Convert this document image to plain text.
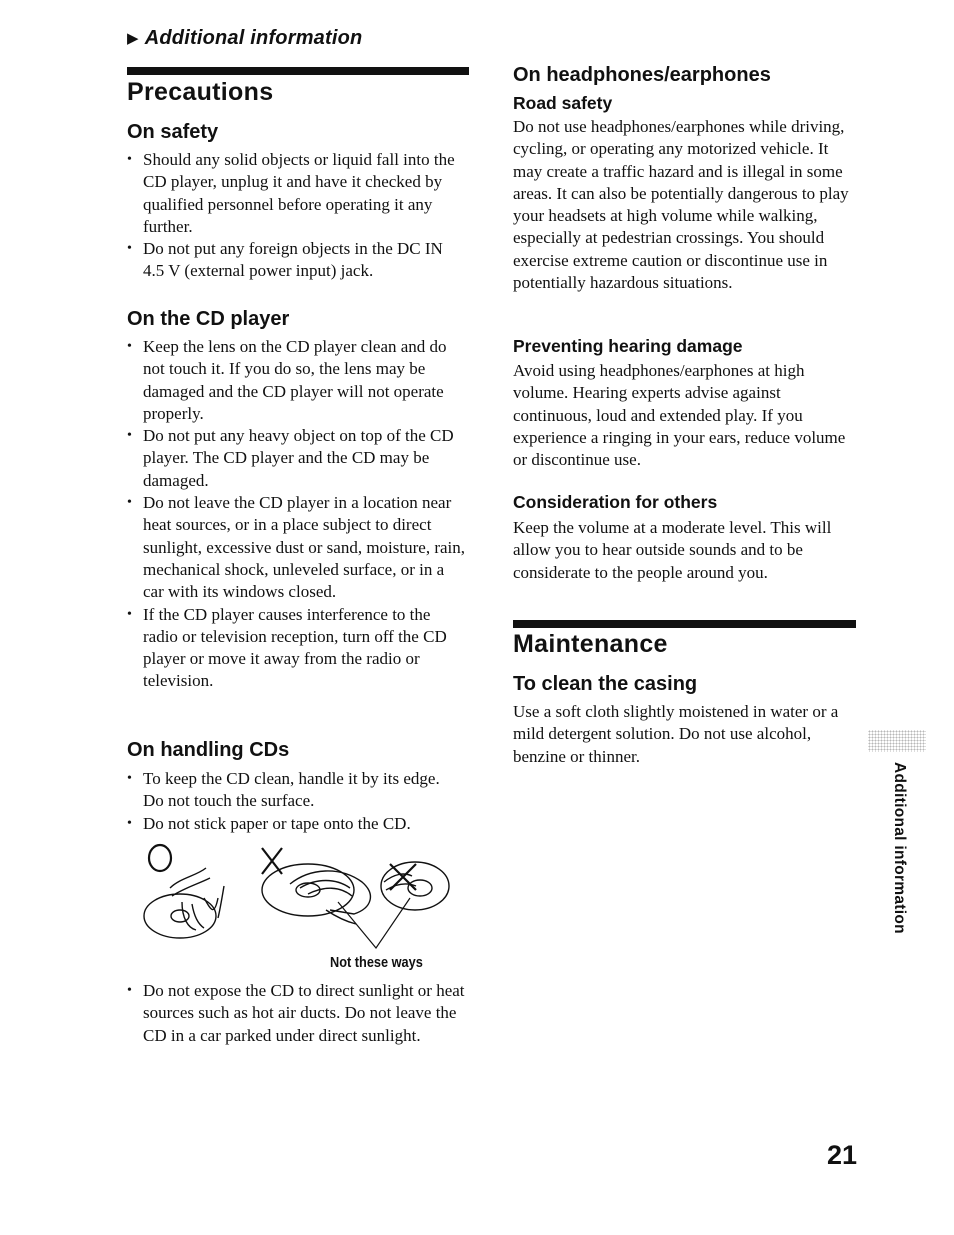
▶ Additional information
Precautions
On safety
• Should any solid objects or liquid fall into the CD player, unplug it and have it checked by qualified personnel before operating it any further.
• Do not put any foreign objects in the DC IN 4.5 V (external power input) jack.
On the CD player
• Keep the lens on the CD player clean and do not touch it. If you do so, the lens may be damaged and the CD player will not operate properly.
• Do not put any heavy object on top of the CD player. The CD player and the CD may be damaged.
• Do not leave the CD player in a location near heat sources, or in a place subject to direct sunlight, excessive dust or sand, moisture, rain, mechanical shock, unleveled surface, or in a car with its windows closed.
• If the CD player causes interference to the radio or television reception, turn off the CD player or move it away from the radio or television.
On handling CDs
• To keep the CD clean, handle it by its edge. Do not touch the surface.
• Do not stick paper or tape onto the CD.
Not these ways
• Do not expose the CD to direct sunlight or heat sources such as hot air ducts. Do not leave the CD in a car parked under direct sunlight.
On headphones/earphones
Road safety

Do not use headphones/earphones while driving, cycling, or operating any motorized vehicle. It may create a traffic hazard and is illegal in some areas. It can also be potentially dangerous to play your headsets at high volume while walking, especially at pedestrian crossings. You should exercise extreme caution or discontinue use in potentially hazardous situations.

Preventing hearing damage

Avoid using headphones/earphones at high volume. Hearing experts advise against continuous, loud and extended play. If you experience a ringing in your ears, reduce volume or discontinue use.

Consideration for others

Keep the volume at a moderate level. This will allow you to hear outside sounds and to be considerate to the people around you.

Maintenance
To clean the casing

Use a soft cloth slightly moistened in water or a mild detergent solution. Do not use alcohol, benzine or thinner.

Additional information
21
